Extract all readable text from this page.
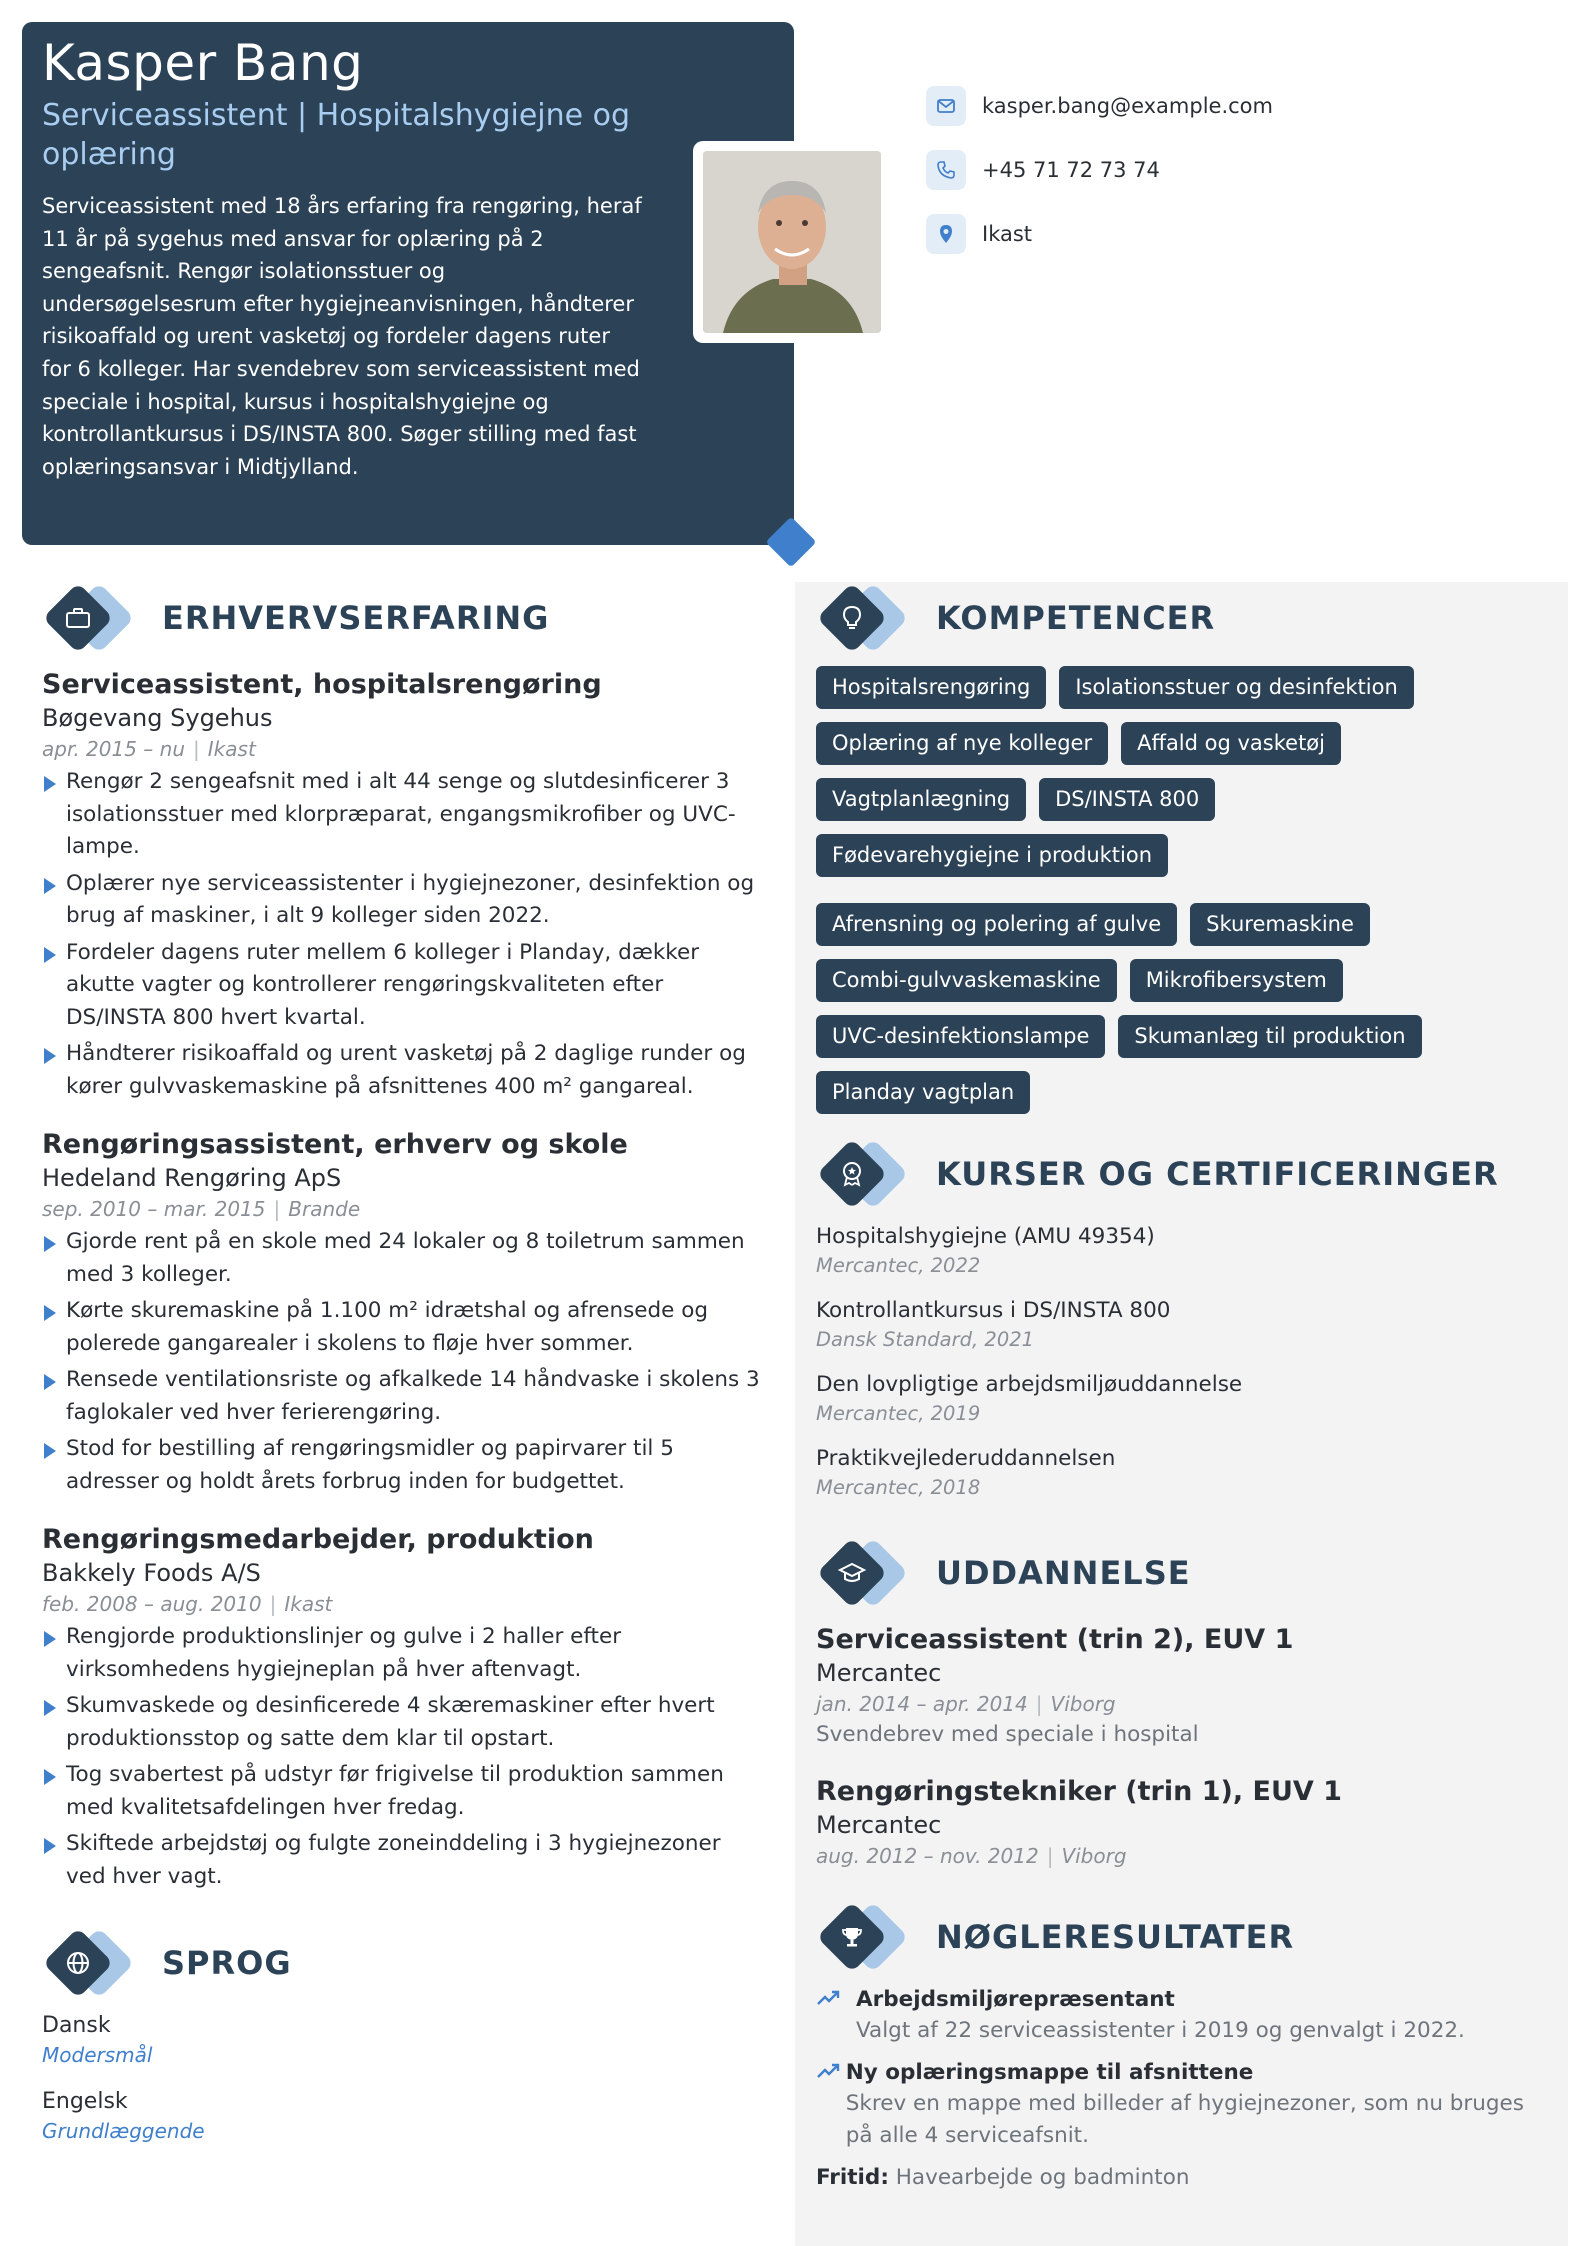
Kasper Bang
Serviceassistent | Hospitalshygiejne og oplæring
Serviceassistent med 18 års erfaring fra rengøring, heraf 11 år på sygehus med ansvar for oplæring på 2 sengeafsnit. Rengør isolationsstuer og undersøgelsesrum efter hygiejneanvisningen, håndterer risikoaffald og urent vasketøj og fordeler dagens ruter for 6 kolleger. Har svendebrev som serviceassistent med speciale i hospital, kursus i hospitalshygiejne og kontrollantkursus i DS/INSTA 800. Søger stilling med fast oplæringsansvar i Midtjylland.
kasper.bang@example.com
+45 71 72 73 74
Ikast
ERHVERVSERFARING
Serviceassistent, hospitalsrengøring
Bøgevang Sygehus
apr. 2015 – nu | Ikast
Rengør 2 sengeafsnit med i alt 44 senge og slutdesinficerer 3 isolationsstuer med klorpræparat, engangsmikrofiber og UVC-lampe.
Oplærer nye serviceassistenter i hygiejnezoner, desinfektion og brug af maskiner, i alt 9 kolleger siden 2022.
Fordeler dagens ruter mellem 6 kolleger i Planday, dækker akutte vagter og kontrollerer rengøringskvaliteten efter DS/INSTA 800 hvert kvartal.
Håndterer risikoaffald og urent vasketøj på 2 daglige runder og kører gulvvaskemaskine på afsnittenes 400 m² gangareal.
Rengøringsassistent, erhverv og skole
Hedeland Rengøring ApS
sep. 2010 – mar. 2015 | Brande
Gjorde rent på en skole med 24 lokaler og 8 toiletrum sammen med 3 kolleger.
Kørte skuremaskine på 1.100 m² idrætshal og afrensede og polerede gangarealer i skolens to fløje hver sommer.
Rensede ventilationsriste og afkalkede 14 håndvaske i skolens 3 faglokaler ved hver ferierengøring.
Stod for bestilling af rengøringsmidler og papirvarer til 5 adresser og holdt årets forbrug inden for budgettet.
Rengøringsmedarbejder, produktion
Bakkely Foods A/S
feb. 2008 – aug. 2010 | Ikast
Rengjorde produktionslinjer og gulve i 2 haller efter virksomhedens hygiejneplan på hver aftenvagt.
Skumvaskede og desinficerede 4 skæremaskiner efter hvert produktionsstop og satte dem klar til opstart.
Tog svabertest på udstyr før frigivelse til produktion sammen med kvalitetsafdelingen hver fredag.
Skiftede arbejdstøj og fulgte zoneinddeling i 3 hygiejnezoner ved hver vagt.
SPROG
Dansk
Modersmål
Engelsk
Grundlæggende
KOMPETENCER
Hospitalsrengøring	Isolationsstuer og desinfektion
Oplæring af nye kolleger	Affald og vasketøj
Vagtplanlægning	DS/INSTA 800
Fødevarehygiejne i produktion
Afrensning og polering af gulve	Skuremaskine
Combi-gulvvaskemaskine	Mikrofibersystem
UVC-desinfektionslampe	Skumanlæg til produktion
Planday vagtplan
KURSER OG CERTIFICERINGER
Hospitalshygiejne (AMU 49354)
Mercantec, 2022
Kontrollantkursus i DS/INSTA 800
Dansk Standard, 2021
Den lovpligtige arbejdsmiljøuddannelse
Mercantec, 2019
Praktikvejlederuddannelsen
Mercantec, 2018
UDDANNELSE
Serviceassistent (trin 2), EUV 1
Mercantec
jan. 2014 – apr. 2014 | Viborg
Svendebrev med speciale i hospital
Rengøringstekniker (trin 1), EUV 1
Mercantec
aug. 2012 – nov. 2012 | Viborg
NØGLERESULTATER
Arbejdsmiljørepræsentant
Valgt af 22 serviceassistenter i 2019 og genvalgt i 2022.
Ny oplæringsmappe til afsnittene
Skrev en mappe med billeder af hygiejnezoner, som nu bruges på alle 4 serviceafsnit.
Fritid: Havearbejde og badminton
